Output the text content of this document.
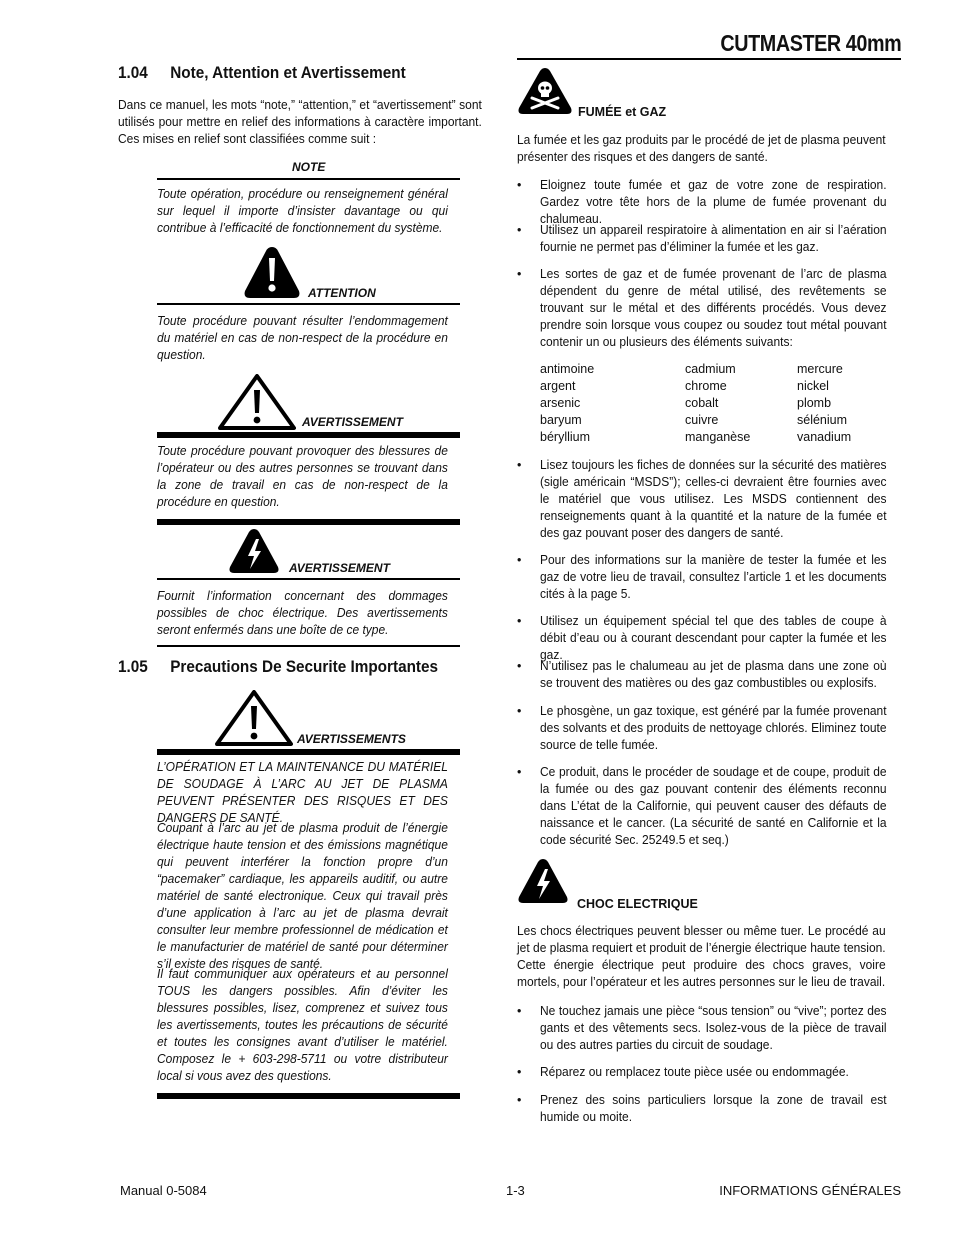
CUTMASTER 40mm
1.04 Note, Attention et Avertissement
Dans ce manuel, les mots “note,” “attention,” et “avertissement” sont utilisés pour mettre en relief des informations à caractère important. Ces mises en relief sont classifiées comme suit :
NOTE
Toute opération, procédure ou renseignement général sur lequel il importe d’insister davantage ou qui contribue à l’efficacité de fonctionnement du système.
ATTENTION
Toute procédure pouvant résulter l’endommagement du matériel en cas de non-respect de la procédure en question.
AVERTISSEMENT
Toute procédure pouvant provoquer des blessures de l’opérateur ou des autres personnes se trouvant dans la zone de travail en cas de non-respect de la procédure en question.
AVERTISSEMENT
Fournit l’information concernant des dommages possibles de choc électrique. Des avertissements seront enfermés dans une boîte de ce type.
1.05 Precautions De Securite Importantes
AVERTISSEMENTS
L’OPÉRATION ET LA MAINTENANCE DU MATÉRIEL DE SOUDAGE À L’ARC AU JET DE PLASMA PEUVENT PRÉSENTER DES RISQUES ET DES DANGERS DE SANTÉ.
Coupant à l’arc au jet de plasma produit de l’énergie électrique haute tension et des émissions magnétique qui peuvent interférer la fonction propre d’un “pacemaker” cardiaque, les appareils auditif, ou autre matériel de santé electronique. Ceux qui travail près d’une application à l’arc au jet de plasma devrait consulter leur membre professionnel de médication et le manufacturier de matériel de santé pour déterminer s’il existe des risques de santé.
Il faut communiquer aux opérateurs et au personnel TOUS les dangers possibles. Afin d’éviter les blessures possibles, lisez, comprenez et suivez tous les avertissements, toutes les précautions de sécurité et toutes les consignes avant d’utiliser le matériel. Composez le + 603-298-5711 ou votre distributeur local si vous avez des questions.
FUMÉE et GAZ
La fumée et les gaz produits par le procédé de jet de plasma peuvent présenter des risques et des dangers de santé.
• Eloignez toute fumée et gaz de votre zone de respiration. Gardez votre tête hors de la plume de fumée provenant du chalumeau.
• Utilisez un appareil respiratoire à alimentation en air si l’aération fournie ne permet pas d’éliminer la fumée et les gaz.
• Les sortes de gaz et de fumée provenant de l’arc de plasma dépendent du genre de métal utilisé, des revêtements se trouvant sur le métal et des différents procédés. Vous devez prendre soin lorsque vous coupez ou soudez tout métal pouvant contenir un ou plusieurs des éléments suivants:
antimoine
argent
arsenic
baryum
béryllium
cadmium
chrome
cobalt
cuivre
manganèse
mercure
nickel
plomb
sélénium
vanadium
• Lisez toujours les fiches de données sur la sécurité des matières (sigle américain “MSDS”); celles-ci devraient être fournies avec le matériel que vous utilisez. Les MSDS contiennent des renseignements quant à la quantité et la nature de la fumée et des gaz pouvant poser des dangers de santé.
• Pour des informations sur la manière de tester la fumée et les gaz de votre lieu de travail, consultez l’article 1 et les documents cités à la page 5.
• Utilisez un équipement spécial tel que des tables de coupe à débit d’eau ou à courant descendant pour capter la fumée et les gaz.
• N’utilisez pas le chalumeau au jet de plasma dans une zone où se trouvent des matières ou des gaz combustibles ou explosifs.
• Le phosgène, un gaz toxique, est généré par la fumée provenant des solvants et des produits de nettoyage chlorés. Eliminez toute source de telle fumée.
• Ce produit, dans le procéder de soudage et de coupe, produit de la fumée ou des gaz pouvant contenir des éléments reconnu dans L’état de la Californie, qui peuvent causer des défauts de naissance et le cancer. (La sécurité de santé en Californie et la code sécurité Sec. 25249.5 et seq.)
CHOC ELECTRIQUE
Les chocs électriques peuvent blesser ou même tuer. Le procédé au jet de plasma requiert et produit de l’énergie électrique haute tension. Cette énergie électrique peut produire des chocs graves, voire mortels, pour l’opérateur et les autres personnes sur le lieu de travail.
• Ne touchez jamais une pièce “sous tension” ou “vive”; portez des gants et des vêtements secs. Isolez-vous de la pièce de travail ou des autres parties du circuit de soudage.
• Réparez ou remplacez toute pièce usée ou endommagée.
• Prenez des soins particuliers lorsque la zone de travail est humide ou moite.
Manual 0-5084	1-3	INFORMATIONS GÉNÉRALES
